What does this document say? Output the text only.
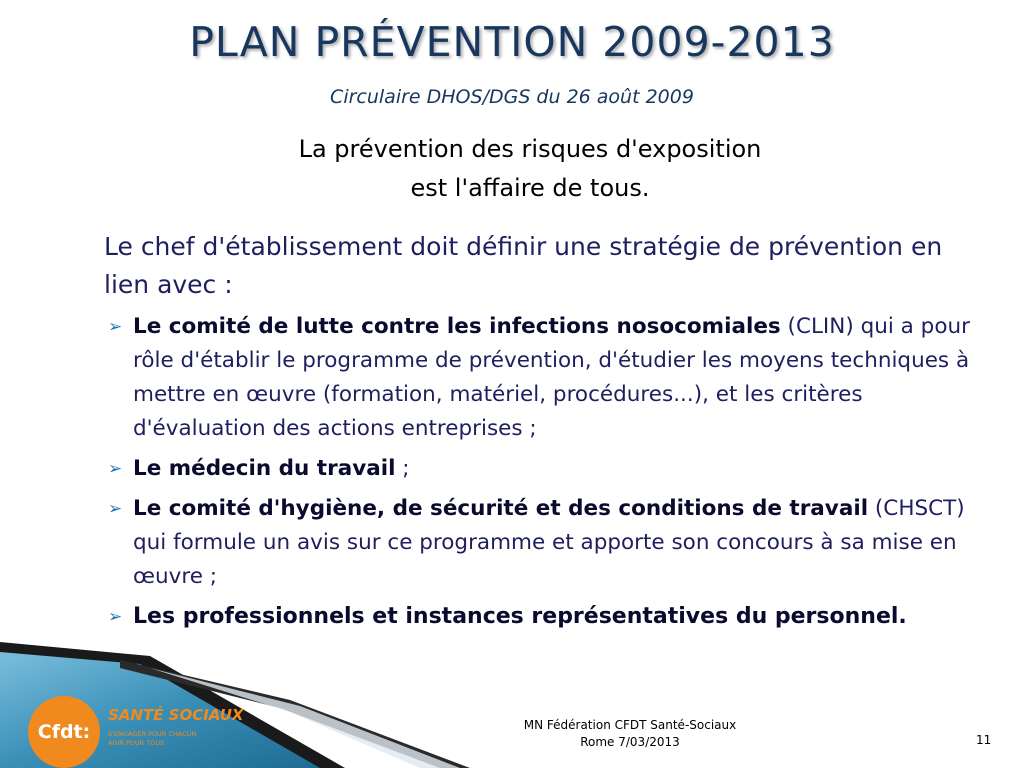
PLAN PRÉVENTION 2009-2013
Circulaire DHOS/DGS du 26 août 2009
La prévention des risques d'exposition
est l'affaire de tous.
Le chef d'établissement doit définir une stratégie de prévention en lien avec :
➢ Le comité de lutte contre les infections nosocomiales (CLIN) qui a pour rôle d'établir le programme de prévention, d'étudier les moyens techniques à mettre en œuvre (formation, matériel, procédures...), et les critères d'évaluation des actions entreprises ;
➢ Le médecin du travail ;
➢ Le comité d'hygiène, de sécurité et des conditions de travail (CHSCT) qui formule un avis sur ce programme et apporte son concours à sa mise en œuvre ;
➢ Les professionnels et instances représentatives du personnel.
Cfdt:
SANTÉ SOCIAUX
S'ENGAGER POUR CHACUN AGIR POUR TOUS
MN Fédération CFDT Santé-Sociaux
Rome 7/03/2013	11
